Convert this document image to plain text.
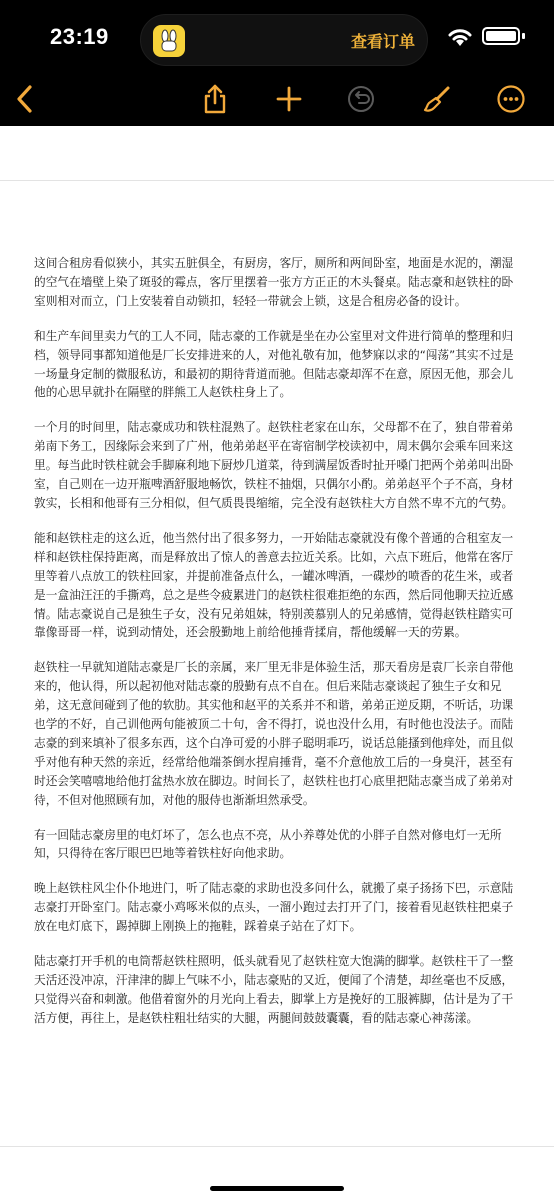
23:19	查看订单

这间合租房看似狭小，其实五脏俱全，有厨房，客厅，厕所和两间卧室，地面是水泥的，潮湿的空气在墙壁上染了斑驳的霉点，客厅里摆着一张方方正正的木头餐桌。陆志豪和赵铁柱的卧室则相对而立，门上安装着自动锁扣，轻轻一带就会上锁，这是合租房必备的设计。

和生产车间里卖力气的工人不同，陆志豪的工作就是坐在办公室里对文件进行简单的整理和归档，领导同事都知道他是厂长安排进来的人，对他礼敬有加，他梦寐以求的“闯荡”其实不过是一场量身定制的微服私访，和最初的期待背道而驰。但陆志豪却浑不在意，原因无他，那会儿他的心思早就扑在隔壁的胖熊工人赵铁柱身上了。

一个月的时间里，陆志豪成功和铁柱混熟了。赵铁柱老家在山东，父母都不在了，独自带着弟弟南下务工，因缘际会来到了广州，他弟弟赵平在寄宿制学校读初中，周末偶尔会乘车回来这里。每当此时铁柱就会手脚麻利地下厨炒几道菜，待到满屋饭香时扯开嗓门把两个弟弟叫出卧室，自己则在一边开瓶啤酒舒服地畅饮，铁柱不抽烟，只偶尔小酌。弟弟赵平个子不高，身材敦实，长相和他哥有三分相似，但气质畏畏缩缩，完全没有赵铁柱大方自然不卑不亢的气势。

能和赵铁柱走的这么近，他当然付出了很多努力，一开始陆志豪就没有像个普通的合租室友一样和赵铁柱保持距离，而是释放出了惊人的善意去拉近关系。比如，六点下班后，他常在客厅里等着八点放工的铁柱回家，并提前准备点什么，一罐冰啤酒，一碟炒的喷香的花生米，或者是一盒油汪汪的手撕鸡，总之是些令疲累进门的赵铁柱很难拒绝的东西，然后同他聊天拉近感情。陆志豪说自己是独生子女，没有兄弟姐妹，特别羡慕别人的兄弟感情，觉得赵铁柱踏实可靠像哥哥一样，说到动情处，还会殷勤地上前给他捶背揉肩，帮他缓解一天的劳累。

赵铁柱一早就知道陆志豪是厂长的亲属，来厂里无非是体验生活，那天看房是袁厂长亲自带他来的，他认得，所以起初他对陆志豪的殷勤有点不自在。但后来陆志豪谈起了独生子女和兄弟，这无意间碰到了他的软肋。其实他和赵平的关系并不和谐，弟弟正逆反期，不听话，功课也学的不好，自己训他两句能被顶二十句，舍不得打，说也没什么用，有时他也没法子。而陆志豪的到来填补了很多东西，这个白净可爱的小胖子聪明乖巧，说话总能搔到他痒处，而且似乎对他有种天然的亲近，经常给他端茶倒水捏肩捶背，毫不介意他放工后的一身臭汗，甚至有时还会笑嘻嘻地给他打盆热水放在脚边。时间长了，赵铁柱也打心底里把陆志豪当成了弟弟对待，不但对他照顾有加，对他的服侍也渐渐坦然承受。

有一回陆志豪房里的电灯坏了，怎么也点不亮，从小养尊处优的小胖子自然对修电灯一无所知，只得待在客厅眼巴巴地等着铁柱好向他求助。

晚上赵铁柱风尘仆仆地进门，听了陆志豪的求助也没多问什么，就搬了桌子扬扬下巴，示意陆志豪打开卧室门。陆志豪小鸡啄米似的点头，一溜小跑过去打开了门，接着看见赵铁柱把桌子放在电灯底下，踢掉脚上刚换上的拖鞋，踩着桌子站在了灯下。

陆志豪打开手机的电筒帮赵铁柱照明，低头就看见了赵铁柱宽大饱满的脚掌。赵铁柱干了一整天活还没冲凉，汗津津的脚上气味不小，陆志豪贴的又近，便闻了个清楚，却丝毫也不反感，只觉得兴奋和刺激。他借着窗外的月光向上看去，脚掌上方是挽好的工服裤脚，估计是为了干活方便，再往上，是赵铁柱粗壮结实的大腿，两腿间鼓鼓囊囊，看的陆志豪心神荡漾。
